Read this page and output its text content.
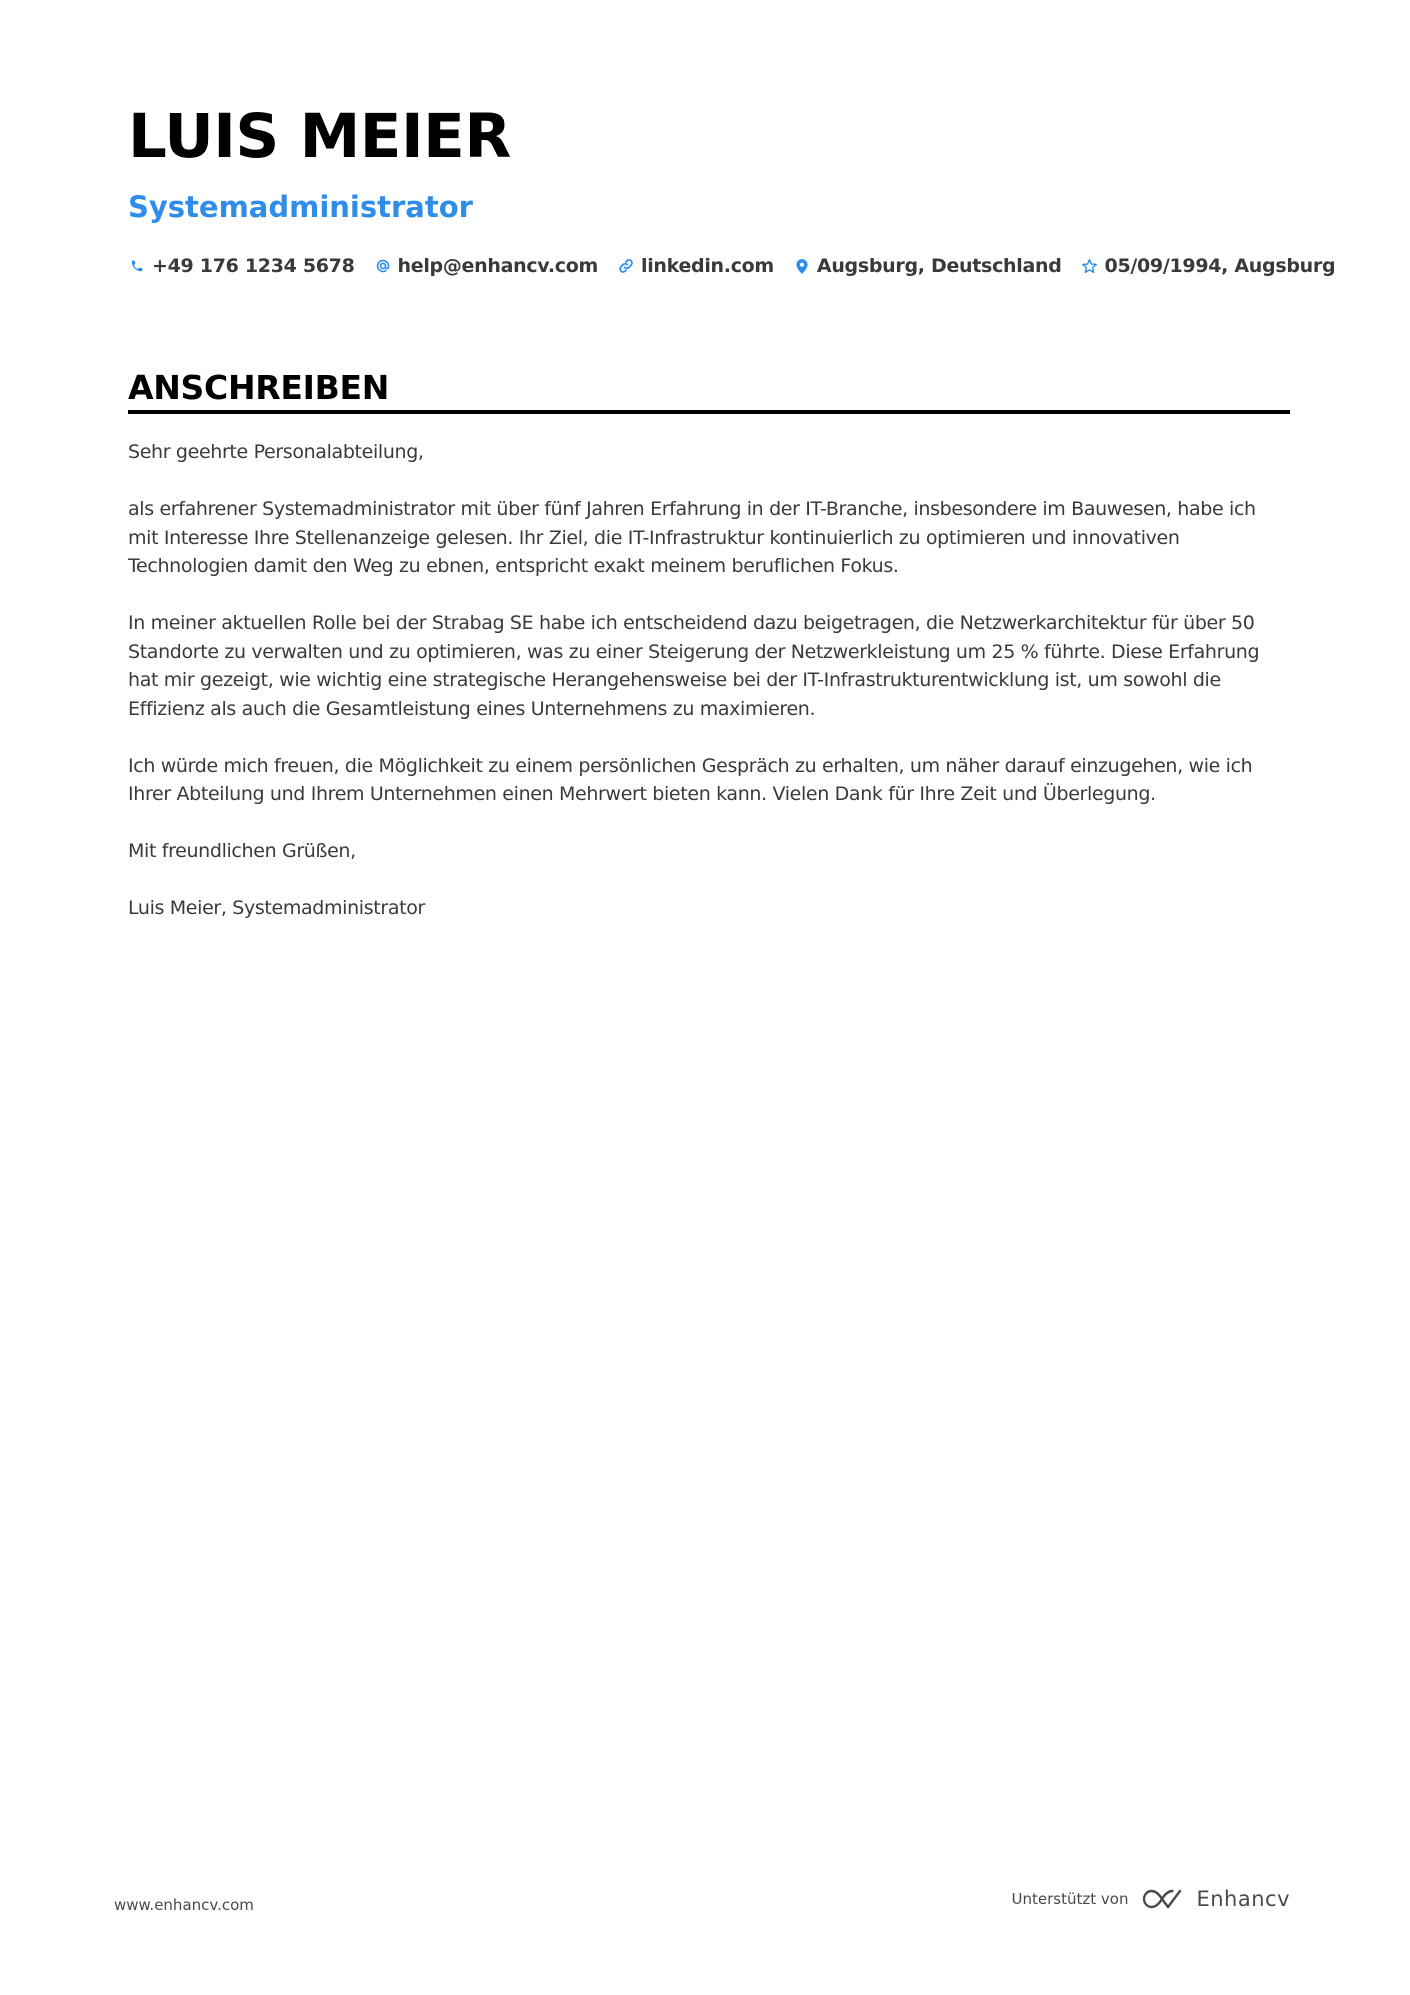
LUIS MEIER
Systemadministrator
+49 176 1234 5678 help@enhancv.com linkedin.com Augsburg, Deutschland 05/09/1994, Augsburg
ANSCHREIBEN

Sehr geehrte Personalabteilung,

als erfahrener Systemadministrator mit über fünf Jahren Erfahrung in der IT-Branche, insbesondere im Bauwesen, habe ich mit Interesse Ihre Stellenanzeige gelesen. Ihr Ziel, die IT-Infrastruktur kontinuierlich zu optimieren und innovativen Technologien damit den Weg zu ebnen, entspricht exakt meinem beruflichen Fokus.

In meiner aktuellen Rolle bei der Strabag SE habe ich entscheidend dazu beigetragen, die Netzwerkarchitektur für über 50 Standorte zu verwalten und zu optimieren, was zu einer Steigerung der Netzwerkleistung um 25 % führte. Diese Erfahrung hat mir gezeigt, wie wichtig eine strategische Herangehensweise bei der IT-Infrastrukturentwicklung ist, um sowohl die Effizienz als auch die Gesamtleistung eines Unternehmens zu maximieren.

Ich würde mich freuen, die Möglichkeit zu einem persönlichen Gespräch zu erhalten, um näher darauf einzugehen, wie ich Ihrer Abteilung und Ihrem Unternehmen einen Mehrwert bieten kann. Vielen Dank für Ihre Zeit und Überlegung.

Mit freundlichen Grüßen,

Luis Meier, Systemadministrator

www.enhancv.com	Unterstützt von	Enhancv
